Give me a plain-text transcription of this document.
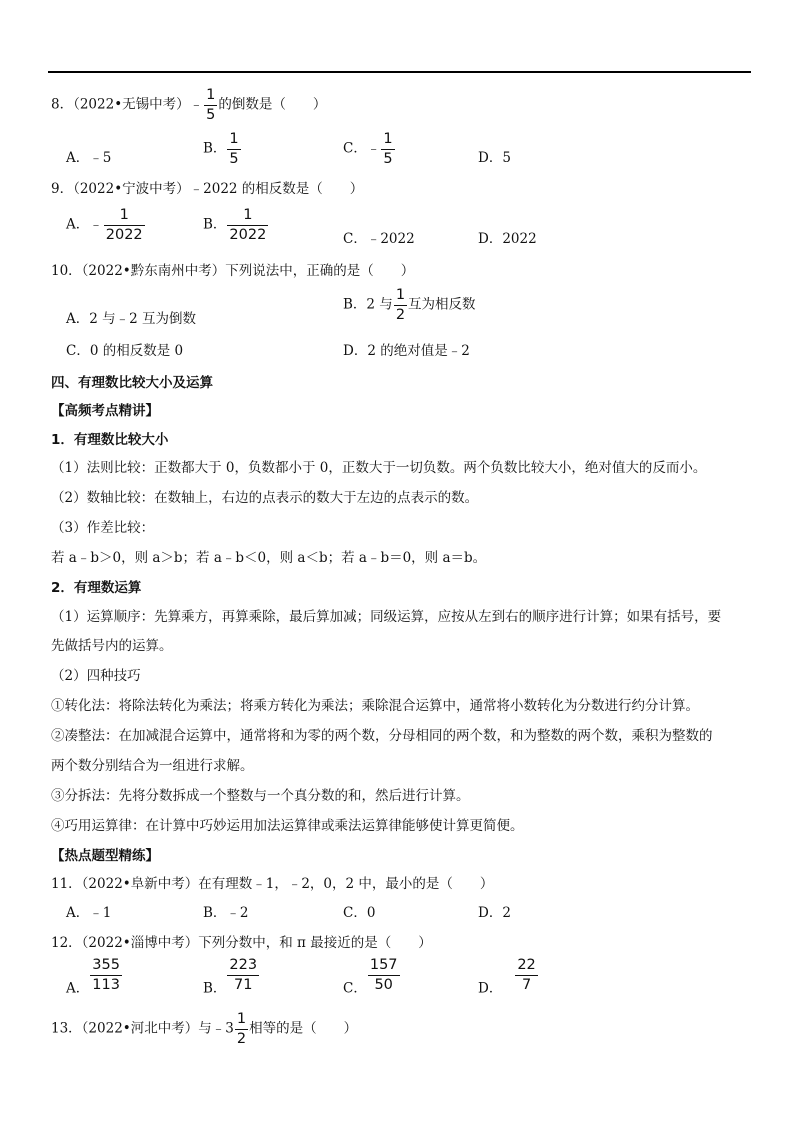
8．（2022•无锡中考）﹣ $\frac{1}{5}$ 的倒数是（　　）
A．﹣5
B． $\frac{1}{5}$	C．﹣ $\frac{1}{5}$	D．5
9．（2022•宁波中考）﹣2022 的相反数是（　　）
A．﹣ $\frac{1}{2022}$	B． $\frac{1}{2022}$	C．﹣2022	D．2022
10．（2022•黔东南州中考）下列说法中，正确的是（　　）
A．2 与﹣2 互为倒数
B．2 与 $\frac{1}{2}$ 互为相反数
C．0 的相反数是 0	D．2 的绝对值是﹣2
四、有理数比较大小及运算
【高频考点精讲】
1．有理数比较大小
（1）法则比较：正数都大于 0，负数都小于 0，正数大于一切负数。两个负数比较大小，绝对值大的反而小。
（2）数轴比较：在数轴上，右边的点表示的数大于左边的点表示的数。
（3）作差比较：
若 a﹣b＞0，则 a＞b；若 a﹣b＜0，则 a＜b；若 a﹣b＝0，则 a＝b。
2．有理数运算
（1）运算顺序：先算乘方，再算乘除，最后算加减；同级运算，应按从左到右的顺序进行计算；如果有括号，要
先做括号内的运算。
（2）四种技巧
①转化法：将除法转化为乘法；将乘方转化为乘法；乘除混合运算中，通常将小数转化为分数进行约分计算。
②凑整法：在加减混合运算中，通常将和为零的两个数，分母相同的两个数，和为整数的两个数，乘积为整数的
两个数分别结合为一组进行求解。
③分拆法：先将分数拆成一个整数与一个真分数的和，然后进行计算。
④巧用运算律：在计算中巧妙运用加法运算律或乘法运算律能够使计算更简便。
【热点题型精练】
11．（2022•阜新中考）在有理数﹣1，﹣2，0，2 中，最小的是（　　）
A．﹣1	B．﹣2	C．0	D．2
12．（2022•淄博中考）下列分数中，和 π 最接近的是（　　）
A． $\frac{355}{113}$	B． $\frac{223}{71}$	C． $\frac{157}{50}$	D． $\frac{22}{7}$
13．（2022•河北中考）与﹣3 $\frac{1}{2}$ 相等的是（　　）
